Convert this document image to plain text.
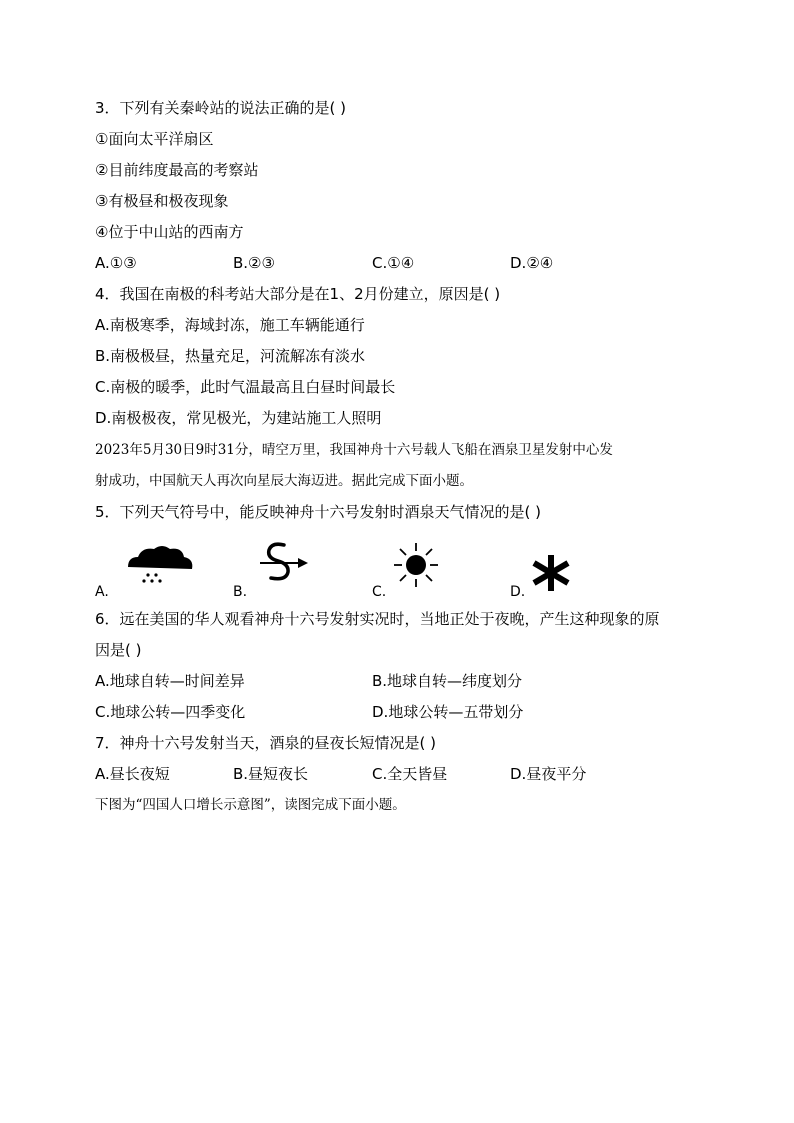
3．下列有关秦岭站的说法正确的是( )
①面向太平洋扇区
②目前纬度最高的考察站
③有极昼和极夜现象
④位于中山站的西南方
A.①③	B.②③	C.①④	D.②④
4．我国在南极的科考站大部分是在1、2月份建立，原因是( )
A.南极寒季，海域封冻，施工车辆能通行
B.南极极昼，热量充足，河流解冻有淡水
C.南极的暖季，此时气温最高且白昼时间最长
D.南极极夜，常见极光，为建站施工人照明
2023年5月30日9时31分，晴空万里，我国神舟十六号载人飞船在酒泉卫星发射中心发
射成功，中国航天人再次向星辰大海迈进。据此完成下面小题。
5．下列天气符号中，能反映神舟十六号发射时酒泉天气情况的是( )
A.	B.	C.	D.
6．远在美国的华人观看神舟十六号发射实况时，当地正处于夜晚，产生这种现象的原
因是( )
A.地球自转—时间差异	B.地球自转—纬度划分
C.地球公转—四季变化	D.地球公转—五带划分
7．神舟十六号发射当天，酒泉的昼夜长短情况是( )
A.昼长夜短	B.昼短夜长	C.全天皆昼	D.昼夜平分
下图为“四国人口增长示意图”，读图完成下面小题。
